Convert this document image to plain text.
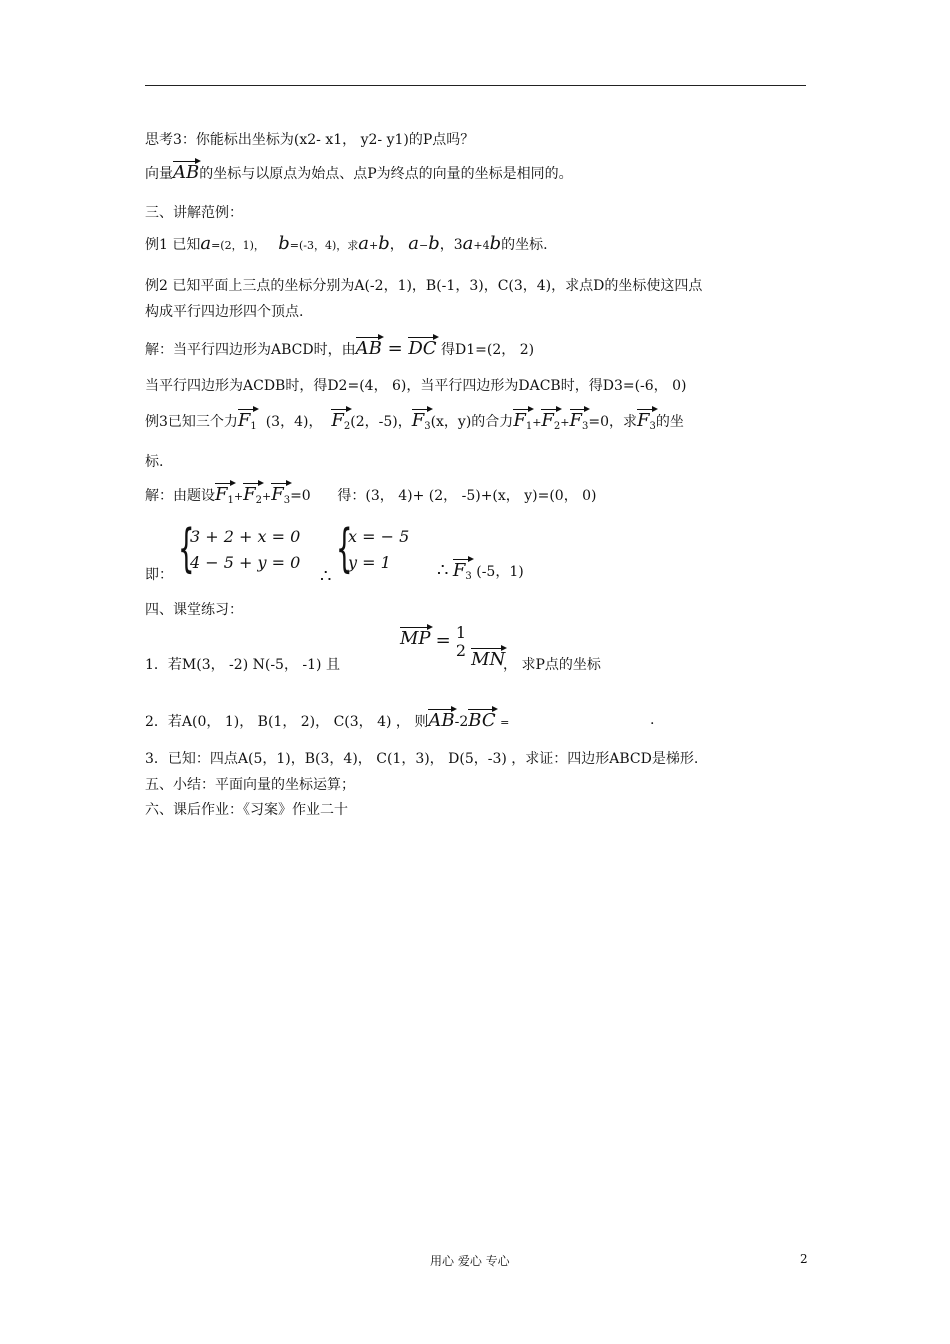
思考3：你能标出坐标为(x2- x1， y2- y1)的P点吗？
向量AB的坐标与以原点为始点、点P为终点的向量的坐标是相同的。
三、讲解范例：
例1 已知a=(2，1)， b=(-3，4)，求a+b， a−b，3a+4b的坐标.
例2 已知平面上三点的坐标分别为A(-2，1)，B(-1，3)，C(3，4)，求点D的坐标使这四点
构成平行四边形四个顶点.
解：当平行四边形为ABCD时，由AB = DC 得D1=(2， 2)
当平行四边形为ACDB时，得D2=(4， 6)，当平行四边形为DACB时，得D3=(-6， 0)
例3已知三个力$F_1$  (3，4)， $F_2(2$，-5)，$F_3(x$，y)的合力$F_1+F_2+F_3=0$，求$F_3$的坐
标.
解：由题设$F_1+F_2+F_3=0$ 得：(3， 4)+ (2， -5)+(x， y)=(0， 0)
即： {
3 + 2 + x = 0
4 − 5 + y = 0
∴ {
x = − 5
y = 1	∴ $F_3$ (-5，1)
四、课堂练习：
1．若M(3， -2) N(-5， -1) 且
MP = 1
2 MN
， 求P点的坐标
2．若A(0， 1)， B(1， 2)， C(3， 4) ， 则AB-2BC =	.
3．已知：四点A(5，1)，B(3，4)， C(1，3)， D(5，-3) ，求证：四边形ABCD是梯形.
五、小结：平面向量的坐标运算；
六、课后作业：《习案》作业二十
用心 爱心 专心	2
